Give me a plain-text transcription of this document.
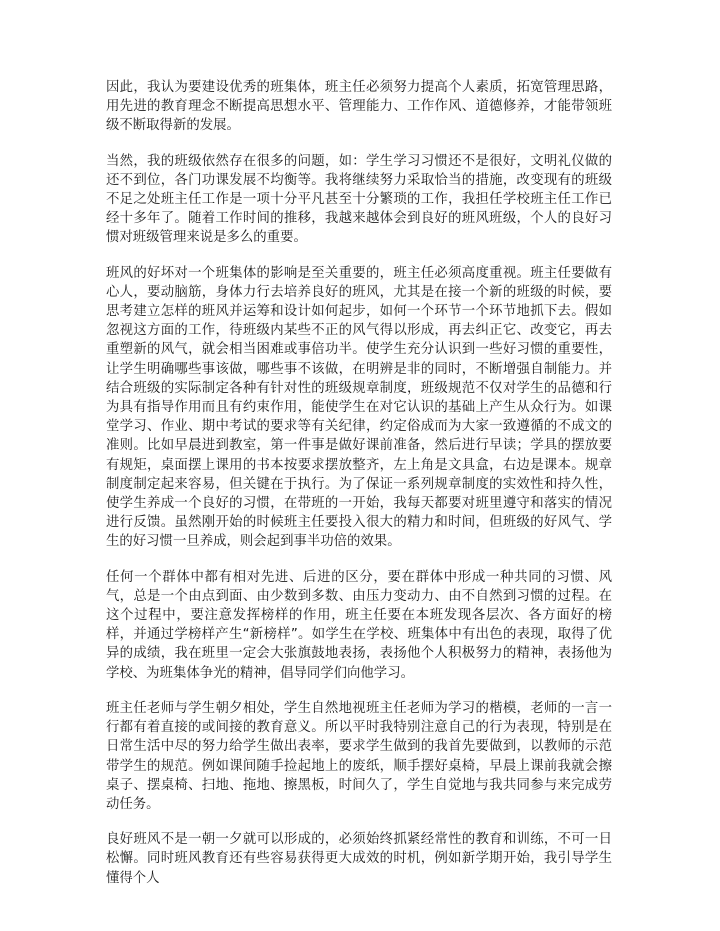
因此，我认为要建设优秀的班集体，班主任必须努力提高个人素质，拓宽管理思路，用先进的教育理念不断提高思想水平、管理能力、工作作风、道德修养，才能带领班级不断取得新的发展。

当然，我的班级依然存在很多的问题，如：学生学习习惯还不是很好，文明礼仪做的还不到位，各门功课发展不均衡等。我将继续努力采取恰当的措施，改变现有的班级不足之处班主任工作是一项十分平凡甚至十分繁琐的工作，我担任学校班主任工作已经十多年了。随着工作时间的推移，我越来越体会到良好的班风班级，个人的良好习惯对班级管理来说是多么的重要。

班风的好坏对一个班集体的影响是至关重要的，班主任必须高度重视。班主任要做有心人，要动脑筋，身体力行去培养良好的班风，尤其是在接一个新的班级的时候，要思考建立怎样的班风并运筹和设计如何起步，如何一个环节一个环节地抓下去。假如忽视这方面的工作，待班级内某些不正的风气得以形成，再去纠正它、改变它，再去重塑新的风气，就会相当困难或事倍功半。使学生充分认识到一些好习惯的重要性，让学生明确哪些事该做，哪些事不该做，在明辨是非的同时，不断增强自制能力。并结合班级的实际制定各种有针对性的班级规章制度，班级规范不仅对学生的品德和行为具有指导作用而且有约束作用，能使学生在对它认识的基础上产生从众行为。如课堂学习、作业、期中考试的要求等有关纪律，约定俗成而为大家一致遵循的不成文的准则。比如早晨进到教室，第一件事是做好课前准备，然后进行早读；学具的摆放要有规矩，桌面摆上课用的书本按要求摆放整齐，左上角是文具盒，右边是课本。规章制度制定起来容易，但关键在于执行。为了保证一系列规章制度的实效性和持久性，使学生养成一个良好的习惯，在带班的一开始，我每天都要对班里遵守和落实的情况进行反馈。虽然刚开始的时候班主任要投入很大的精力和时间，但班级的好风气、学生的好习惯一旦养成，则会起到事半功倍的效果。

任何一个群体中都有相对先进、后进的区分，要在群体中形成一种共同的习惯、风气，总是一个由点到面、由少数到多数、由压力变动力、由不自然到习惯的过程。在这个过程中，要注意发挥榜样的作用，班主任要在本班发现各层次、各方面好的榜样，并通过学榜样产生“新榜样”。如学生在学校、班集体中有出色的表现，取得了优异的成绩，我在班里一定会大张旗鼓地表扬，表扬他个人积极努力的精神，表扬他为学校、为班集体争光的精神，倡导同学们向他学习。

班主任老师与学生朝夕相处，学生自然地视班主任老师为学习的楷模，老师的一言一行都有着直接的或间接的教育意义。所以平时我特别注意自己的行为表现，特别是在日常生活中尽的努力给学生做出表率，要求学生做到的我首先要做到，以教师的示范带学生的规范。例如课间随手捡起地上的废纸，顺手摆好桌椅，早晨上课前我就会擦桌子、摆桌椅、扫地、拖地、擦黑板，时间久了，学生自觉地与我共同参与来完成劳动任务。

良好班风不是一朝一夕就可以形成的，必须始终抓紧经常性的教育和训练，不可一日松懈。同时班风教育还有些容易获得更大成效的时机，例如新学期开始，我引导学生懂得个人
